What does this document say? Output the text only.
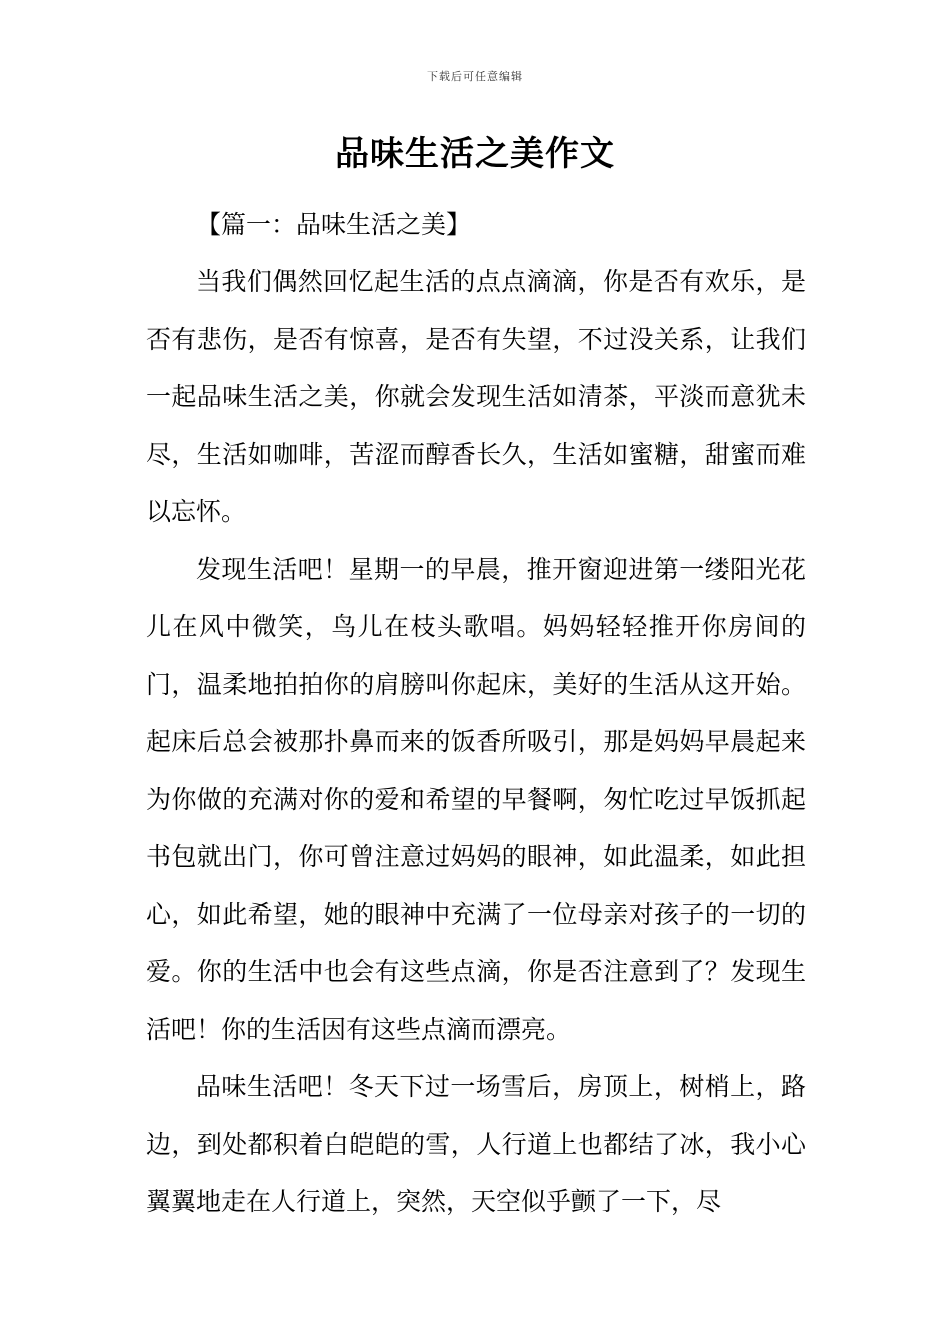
下载后可任意编辑
品味生活之美作文
【篇一：品味生活之美】

当我们偶然回忆起生活的点点滴滴，你是否有欢乐，是否有悲伤，是否有惊喜，是否有失望，不过没关系，让我们一起品味生活之美，你就会发现生活如清茶，平淡而意犹未尽，生活如咖啡，苦涩而醇香长久，生活如蜜糖，甜蜜而难以忘怀。

发现生活吧！星期一的早晨，推开窗迎进第一缕阳光花儿在风中微笑，鸟儿在枝头歌唱。妈妈轻轻推开你房间的门，温柔地拍拍你的肩膀叫你起床，美好的生活从这开始。起床后总会被那扑鼻而来的饭香所吸引，那是妈妈早晨起来为你做的充满对你的爱和希望的早餐啊，匆忙吃过早饭抓起书包就出门，你可曾注意过妈妈的眼神，如此温柔，如此担心，如此希望，她的眼神中充满了一位母亲对孩子的一切的爱。你的生活中也会有这些点滴，你是否注意到了？发现生活吧！你的生活因有这些点滴而漂亮。

品味生活吧！冬天下过一场雪后，房顶上，树梢上，路边，到处都积着白皑皑的雪，人行道上也都结了冰，我小心翼翼地走在人行道上，突然，天空似乎颤了一下，尽
